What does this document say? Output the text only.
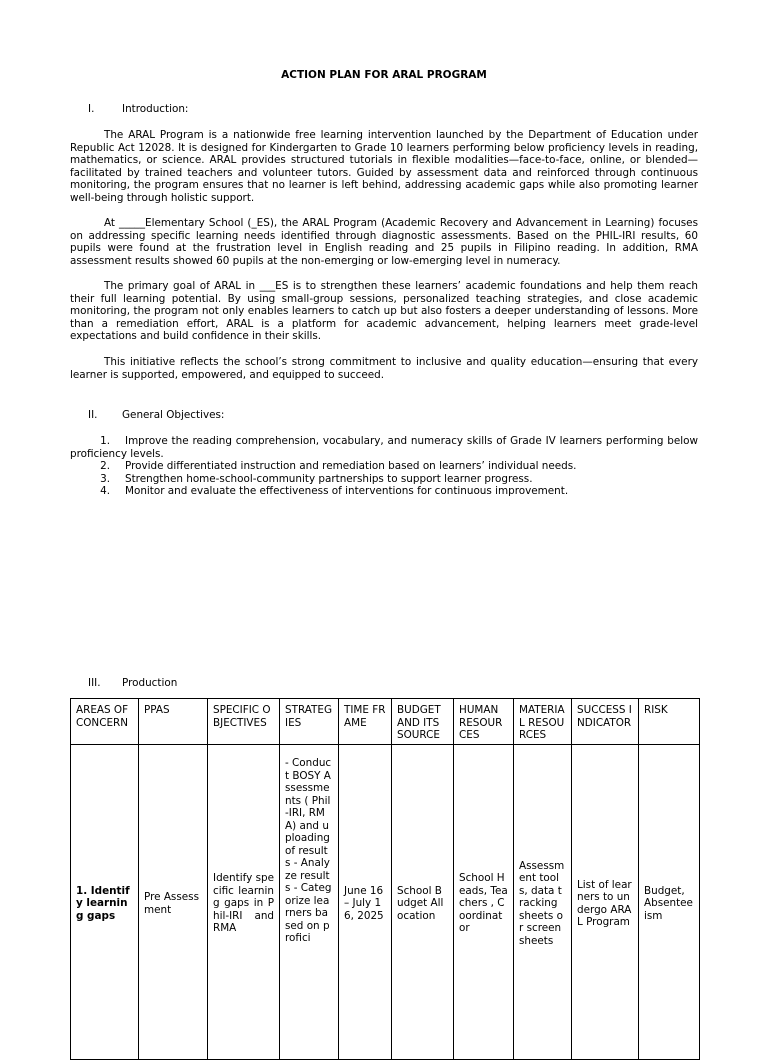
ACTION PLAN FOR ARAL PROGRAM
I.	Introduction:
The ARAL Program is a nationwide free learning intervention launched by the Department of Education under Republic Act 12028. It is designed for Kindergarten to Grade 10 learners performing below proficiency levels in reading, mathematics, or science. ARAL provides structured tutorials in flexible modalities—face-to-face, online, or blended—facilitated by trained teachers and volunteer tutors. Guided by assessment data and reinforced through continuous monitoring, the program ensures that no learner is left behind, addressing academic gaps while also promoting learner well-being through holistic support.
At _____Elementary School (_ES), the ARAL Program (Academic Recovery and Advancement in Learning) focuses on addressing specific learning needs identified through diagnostic assessments. Based on the PHIL-IRI results, 60 pupils were found at the frustration level in English reading and 25 pupils in Filipino reading. In addition, RMA assessment results showed 60 pupils at the non-emerging or low-emerging level in numeracy.
The primary goal of ARAL in ___ES is to strengthen these learners’ academic foundations and help them reach their full learning potential. By using small-group sessions, personalized teaching strategies, and close academic monitoring, the program not only enables learners to catch up but also fosters a deeper understanding of lessons. More than a remediation effort, ARAL is a platform for academic advancement, helping learners meet grade-level expectations and build confidence in their skills.
This initiative reflects the school’s strong commitment to inclusive and quality education—ensuring that every learner is supported, empowered, and equipped to succeed.
II. General Objectives:
1. Improve the reading comprehension, vocabulary, and numeracy skills of Grade IV learners performing below proficiency levels.
2. Provide differentiated instruction and remediation based on learners’ individual needs.
3. Strengthen home-school-community partnerships to support learner progress.
4. Monitor and evaluate the effectiveness of interventions for continuous improvement.
III. Production
AREAS OF CONCERN	PPAS	SPECIFIC OBJECTIVES	STRATEGIES	TIME FRAME	BUDGET AND ITS SOURCE	HUMAN RESOURCES	MATERIAL RESOURCES	SUCCESS INDICATOR	RISK
1. Identify learning gaps	Pre Assessment	Identify specific learning gaps in Phil-IRI and RMA	- Conduct BOSY Assessments ( Phil-IRI, RMA) and uploading of results - Analyze results - Categorize learners based on profici	June 16 – July 16, 2025	School Budget Allocation	School Heads, Teachers , Coordinator	Assessment tools, data tracking sheets or screensheets	List of learners to undergo ARAL Program	Budget, Absenteeism
